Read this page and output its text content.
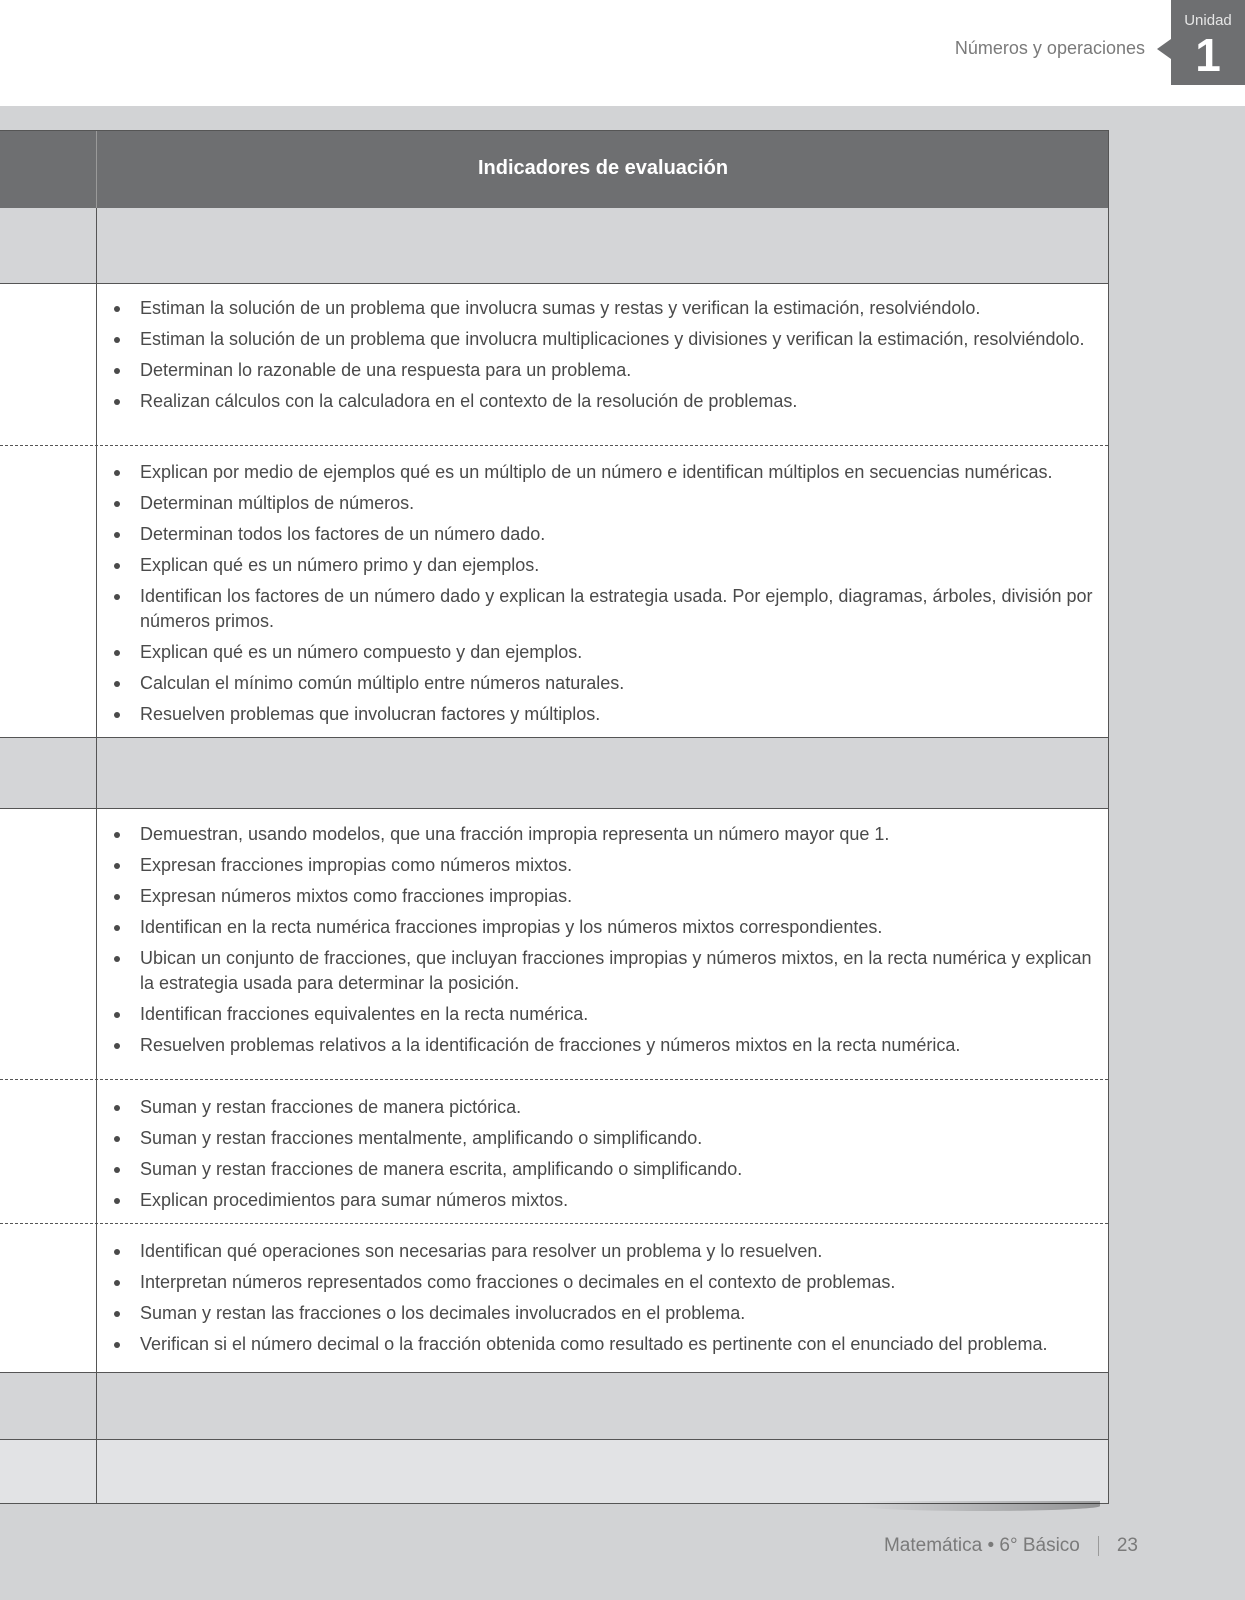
Números y operaciones
Unidad
1
Indicadores de evaluación
Estiman la solución de un problema que involucra sumas y restas y verifican la estimación, resolviéndolo.
Estiman la solución de un problema que involucra multiplicaciones y divisiones y verifican la estimación, resolviéndolo.
Determinan lo razonable de una respuesta para un problema.
Realizan cálculos con la calculadora en el contexto de la resolución de problemas.
Explican por medio de ejemplos qué es un múltiplo de un número e identifican múltiplos en secuencias numéricas.
Determinan múltiplos de números.
Determinan todos los factores de un número dado.
Explican qué es un número primo y dan ejemplos.
Identifican los factores de un número dado y explican la estrategia usada. Por ejemplo, diagramas, árboles, división por números primos.
Explican qué es un número compuesto y dan ejemplos.
Calculan el mínimo común múltiplo entre números naturales.
Resuelven problemas que involucran factores y múltiplos.
Demuestran, usando modelos, que una fracción impropia representa un número mayor que 1.
Expresan fracciones impropias como números mixtos.
Expresan números mixtos como fracciones impropias.
Identifican en la recta numérica fracciones impropias y los números mixtos correspondientes.
Ubican un conjunto de fracciones, que incluyan fracciones impropias y números mixtos, en la recta numérica y explican la estrategia usada para determinar la posición.
Identifican fracciones equivalentes en la recta numérica.
Resuelven problemas relativos a la identificación de fracciones y números mixtos en la recta numérica.
Suman y restan fracciones de manera pictórica.
Suman y restan fracciones mentalmente, amplificando o simplificando.
Suman y restan fracciones de manera escrita, amplificando o simplificando.
Explican procedimientos para sumar números mixtos.
Identifican qué operaciones son necesarias para resolver un problema y lo resuelven.
Interpretan números representados como fracciones o decimales en el contexto de problemas.
Suman y restan las fracciones o los decimales involucrados en el problema.
Verifican si el número decimal o la fracción obtenida como resultado es pertinente con el enunciado del problema.
Matemática • 6° Básico 23
